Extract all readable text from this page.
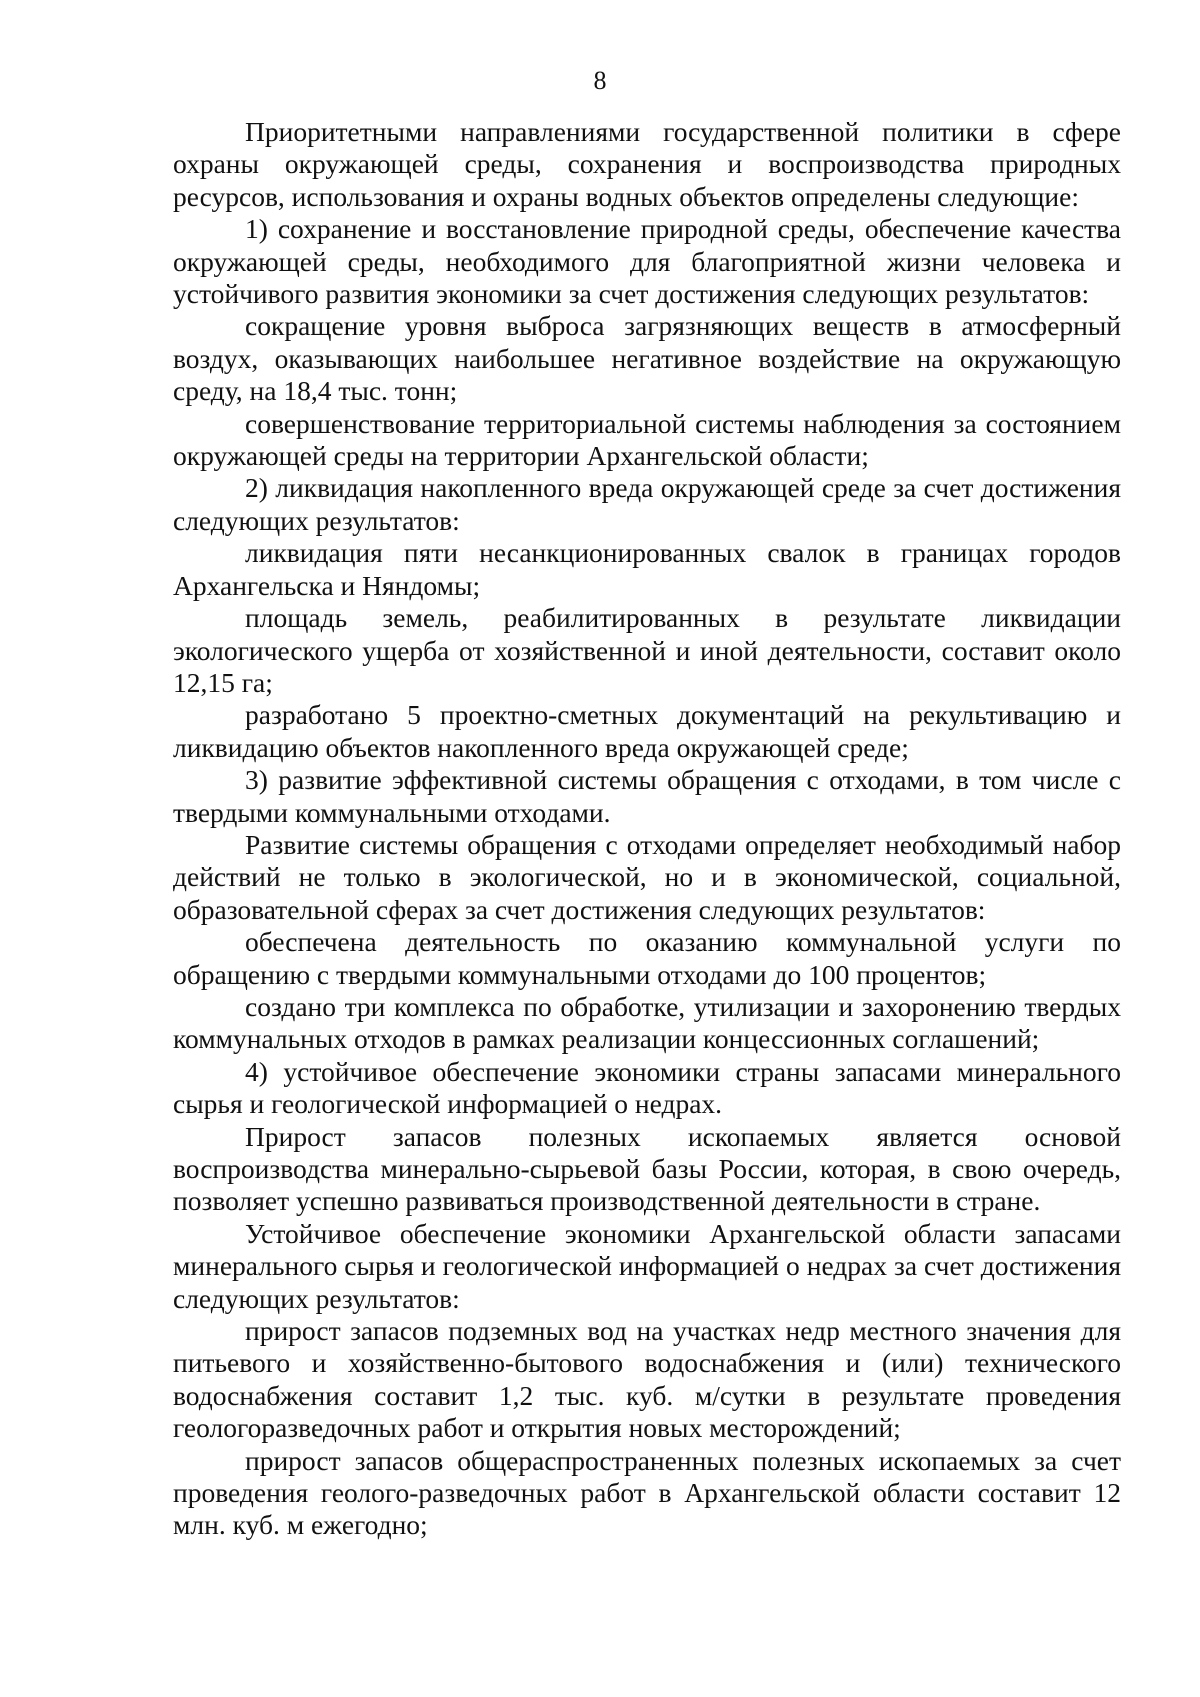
8

Приоритетными направлениями государственной политики в сфере охраны окружающей среды, сохранения и воспроизводства природных ресурсов, использования и охраны водных объектов определены следующие:

1) сохранение и восстановление природной среды, обеспечение качества окружающей среды, необходимого для благоприятной жизни человека и устойчивого развития экономики за счет достижения следующих результатов:

сокращение уровня выброса загрязняющих веществ в атмосферный воздух, оказывающих наибольшее негативное воздействие на окружающую среду, на 18,4 тыс. тонн;

совершенствование территориальной системы наблюдения за состоянием окружающей среды на территории Архангельской области;

2) ликвидация накопленного вреда окружающей среде за счет достижения следующих результатов:

ликвидация пяти несанкционированных свалок в границах городов Архангельска и Няндомы;

площадь земель, реабилитированных в результате ликвидации экологического ущерба от хозяйственной и иной деятельности, составит около 12,15 га;

разработано 5 проектно-сметных документаций на рекультивацию и ликвидацию объектов накопленного вреда окружающей среде;

3) развитие эффективной системы обращения с отходами, в том числе с твердыми коммунальными отходами.

Развитие системы обращения с отходами определяет необходимый набор действий не только в экологической, но и в экономической, социальной, образовательной сферах за счет достижения следующих результатов:

обеспечена деятельность по оказанию коммунальной услуги по обращению с твердыми коммунальными отходами до 100 процентов;

создано три комплекса по обработке, утилизации и захоронению твердых коммунальных отходов в рамках реализации концессионных соглашений;

4) устойчивое обеспечение экономики страны запасами минерального сырья и геологической информацией о недрах.

Прирост запасов полезных ископаемых является основой воспроизводства минерально-сырьевой базы России, которая, в свою очередь, позволяет успешно развиваться производственной деятельности в стране.

Устойчивое обеспечение экономики Архангельской области запасами минерального сырья и геологической информацией о недрах за счет достижения следующих результатов:

прирост запасов подземных вод на участках недр местного значения для питьевого и хозяйственно-бытового водоснабжения и (или) технического водоснабжения составит 1,2 тыс. куб. м/сутки в результате проведения геологоразведочных работ и открытия новых месторождений;

прирост запасов общераспространенных полезных ископаемых за счет проведения геолого-разведочных работ в Архангельской области составит 12 млн. куб. м ежегодно;
